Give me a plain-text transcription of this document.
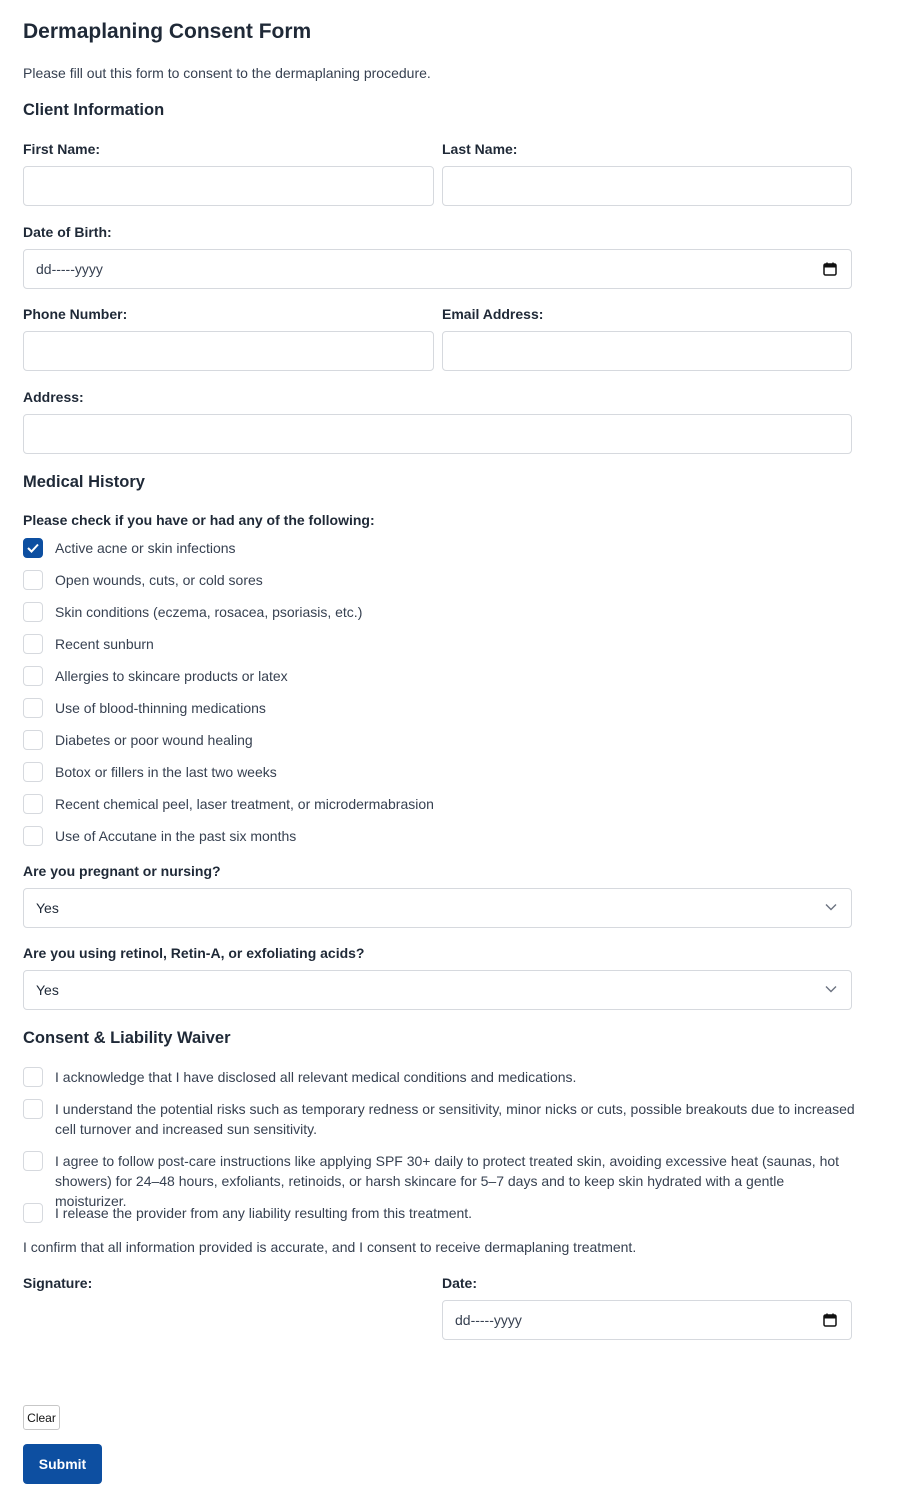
Dermaplaning Consent Form
Please fill out this form to consent to the dermaplaning procedure.
Client Information
First Name:	Last Name:
Date of Birth:
dd-----yyyy
Phone Number:	Email Address:
Address:
Medical History
Please check if you have or had any of the following:
Active acne or skin infections
Open wounds, cuts, or cold sores
Skin conditions (eczema, rosacea, psoriasis, etc.)
Recent sunburn
Allergies to skincare products or latex
Use of blood-thinning medications
Diabetes or poor wound healing
Botox or fillers in the last two weeks
Recent chemical peel, laser treatment, or microdermabrasion
Use of Accutane in the past six months
Are you pregnant or nursing?
Yes
Are you using retinol, Retin-A, or exfoliating acids?
Yes
Consent & Liability Waiver
I acknowledge that I have disclosed all relevant medical conditions and medications.
I understand the potential risks such as temporary redness or sensitivity, minor nicks or cuts, possible breakouts due to increased
cell turnover and increased sun sensitivity.
I agree to follow post-care instructions like applying SPF 30+ daily to protect treated skin, avoiding excessive heat (saunas, hot
showers) for 24–48 hours, exfoliants, retinoids, or harsh skincare for 5–7 days and to keep skin hydrated with a gentle moisturizer.
I release the provider from any liability resulting from this treatment.
I confirm that all information provided is accurate, and I consent to receive dermaplaning treatment.
Signature:	Date:
dd-----yyyy
Clear
Submit
